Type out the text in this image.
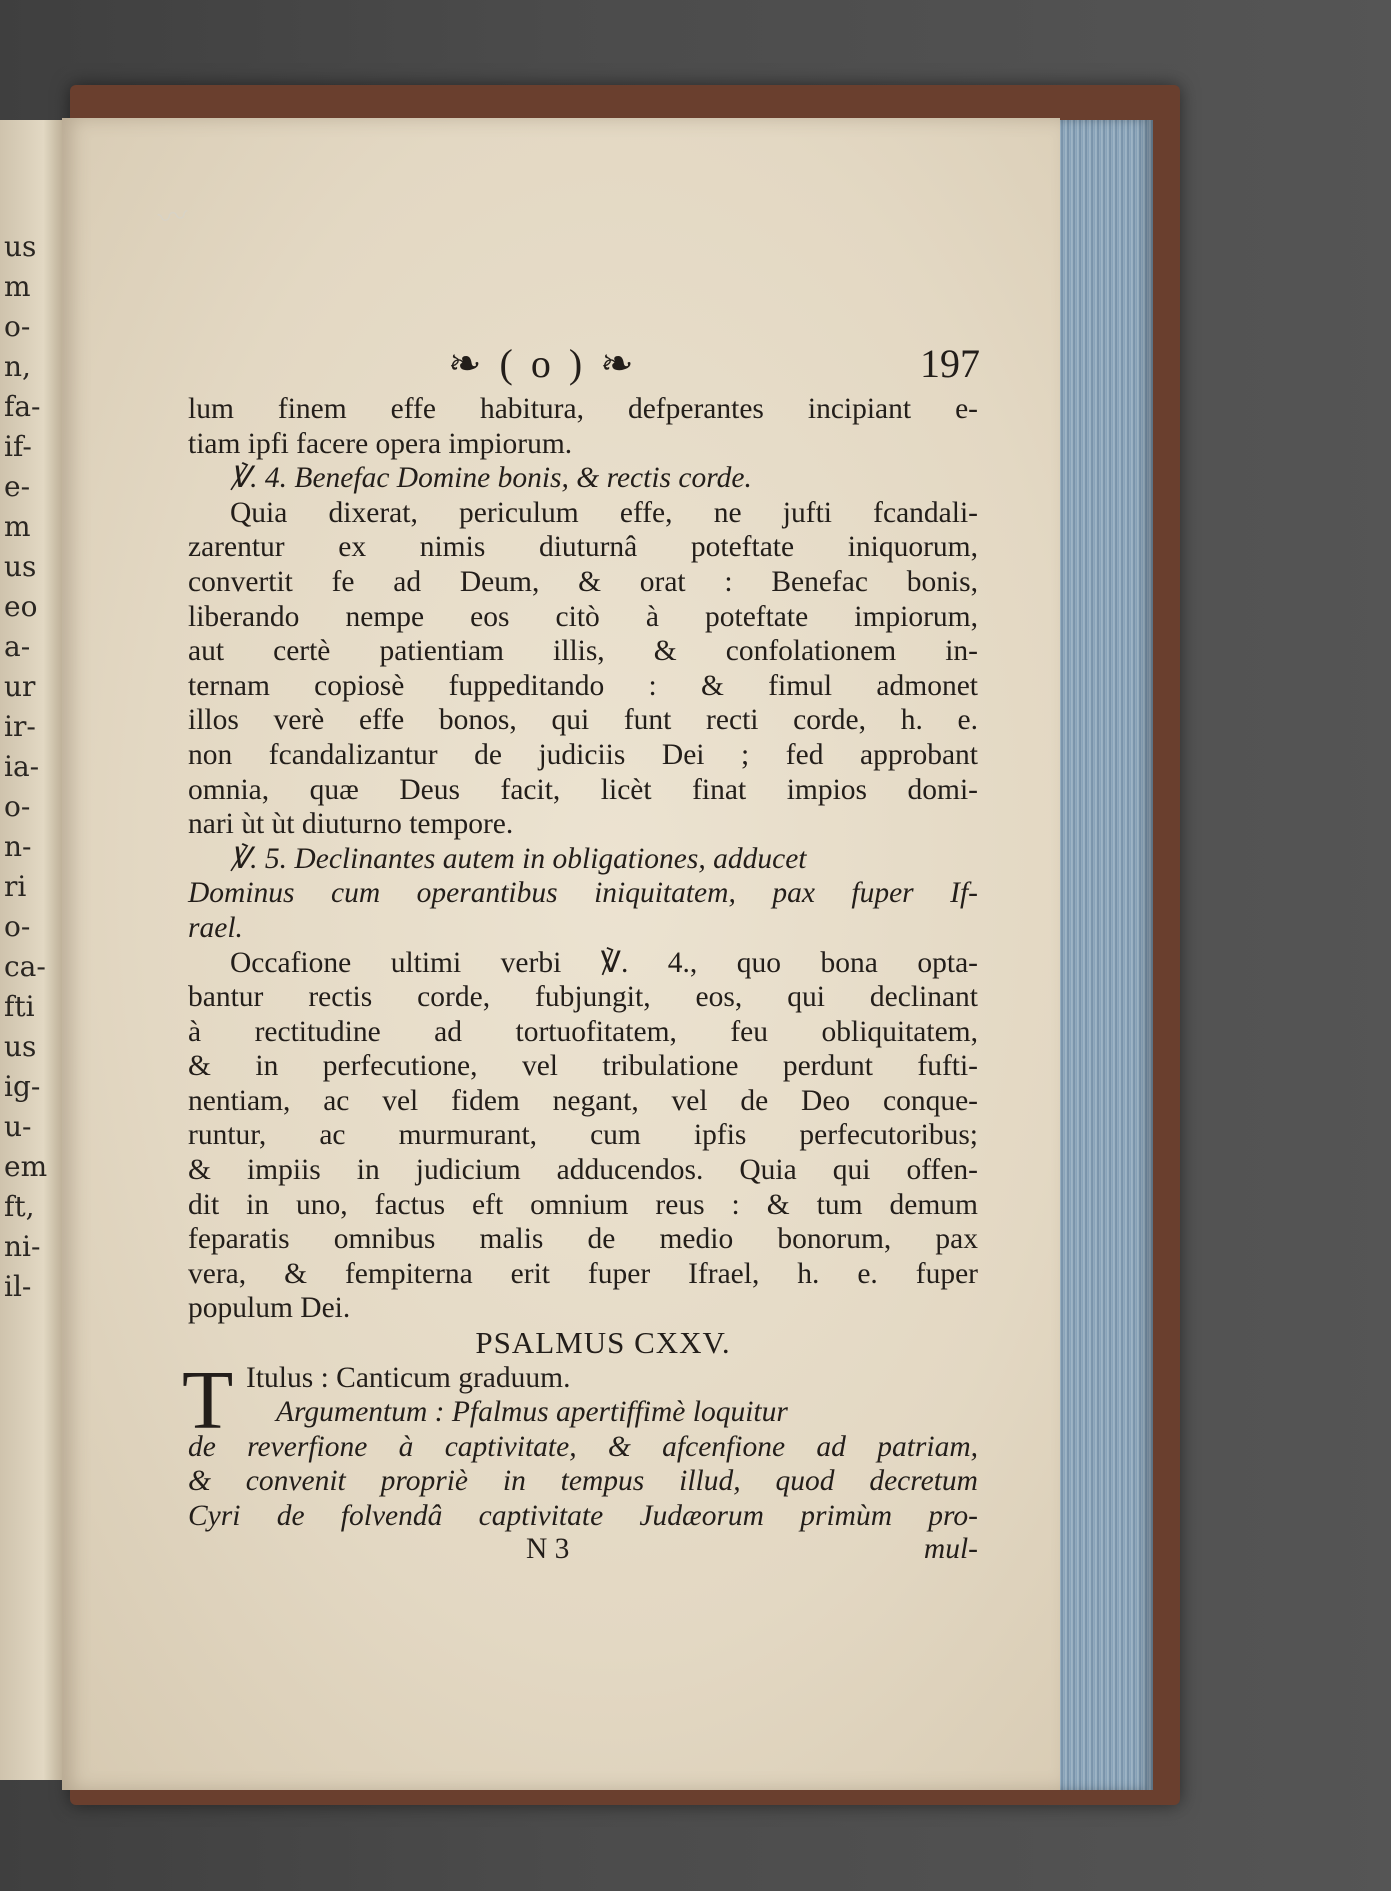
us
m
o-
n,
fa-
if-
e-
m
us
eo
a-
ur
ir-
ia-
o-
n-
ri
o-
ca-
fti
us
ig-
u-
em
ft,
ni-
il-
〰
❧ ( o ) ❧	197
lum finem effe habitura, defperantes incipiant e-
tiam ipfi facere opera impiorum.
℣. 4. Benefac Domine bonis, & rectis corde.
Quia dixerat, periculum effe, ne jufti fcandali-
zarentur ex nimis diuturnâ poteftate iniquorum,
convertit fe ad Deum, & orat : Benefac bonis,
liberando nempe eos citò à poteftate impiorum,
aut certè patientiam illis, & confolationem in-
ternam copiosè fuppeditando : & fimul admonet
illos verè effe bonos, qui funt recti corde, h. e.
non fcandalizantur de judiciis Dei ; fed approbant
omnia, quæ Deus facit, licèt finat impios domi-
nari ùt ùt diuturno tempore.
℣. 5. Declinantes autem in obligationes, adducet
Dominus cum operantibus iniquitatem, pax fuper If-
rael.
Occafione ultimi verbi ℣. 4., quo bona opta-
bantur rectis corde, fubjungit, eos, qui declinant
à rectitudine ad tortuofitatem, feu obliquitatem,
& in perfecutione, vel tribulatione perdunt fufti-
nentiam, ac vel fidem negant, vel de Deo conque-
runtur, ac murmurant, cum ipfis perfecutoribus;
& impiis in judicium adducendos. Quia qui offen-
dit in uno, factus eft omnium reus : & tum demum
feparatis omnibus malis de medio bonorum, pax
vera, & fempiterna erit fuper Ifrael, h. e. fuper
populum Dei.
PSALMUS CXXV.
T Itulus : Canticum graduum.
Argumentum : Pfalmus apertiffimè loquitur
de reverfione à captivitate, & afcenfione ad patriam,
& convenit propriè in tempus illud, quod decretum
Cyri de folvendâ captivitate Judæorum primùm pro-
N 3	mul-
